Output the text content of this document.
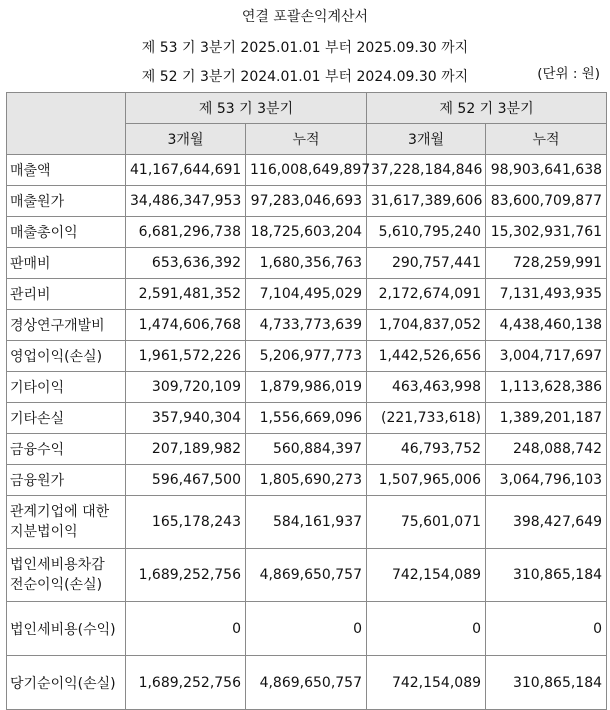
연결 포괄손익계산서
제 53 기 3분기 2025.01.01 부터 2025.09.30 까지
제 52 기 3분기 2024.01.01 부터 2024.09.30 까지	(단위 : 원)
	제 53 기 3분기		제 52 기 3분기	
	3개월	누적	3개월	누적
매출액	41,167,644,691	116,008,649,897	37,228,184,846	98,903,641,638
매출원가	34,486,347,953	97,283,046,693	31,617,389,606	83,600,709,877
매출총이익	6,681,296,738	18,725,603,204	5,610,795,240	15,302,931,761
판매비	653,636,392	1,680,356,763	290,757,441	728,259,991
관리비	2,591,481,352	7,104,495,029	2,172,674,091	7,131,493,935
경상연구개발비	1,474,606,768	4,733,773,639	1,704,837,052	4,438,460,138
영업이익(손실)	1,961,572,226	5,206,977,773	1,442,526,656	3,004,717,697
기타이익	309,720,109	1,879,986,019	463,463,998	1,113,628,386
기타손실	357,940,304	1,556,669,096	(221,733,618)	1,389,201,187
금융수익	207,189,982	560,884,397	46,793,752	248,088,742
금융원가	596,467,500	1,805,690,273	1,507,965,006	3,064,796,103

관계기업에 대한
지분법이익	165,178,243	584,161,937	75,601,071	398,427,649

법인세비용차감
전순이익(손실)	1,689,252,756	4,869,650,757	742,154,089	310,865,184
법인세비용(수익)	0	0	0	0
당기순이익(손실)	1,689,252,756	4,869,650,757	742,154,089	310,865,184
